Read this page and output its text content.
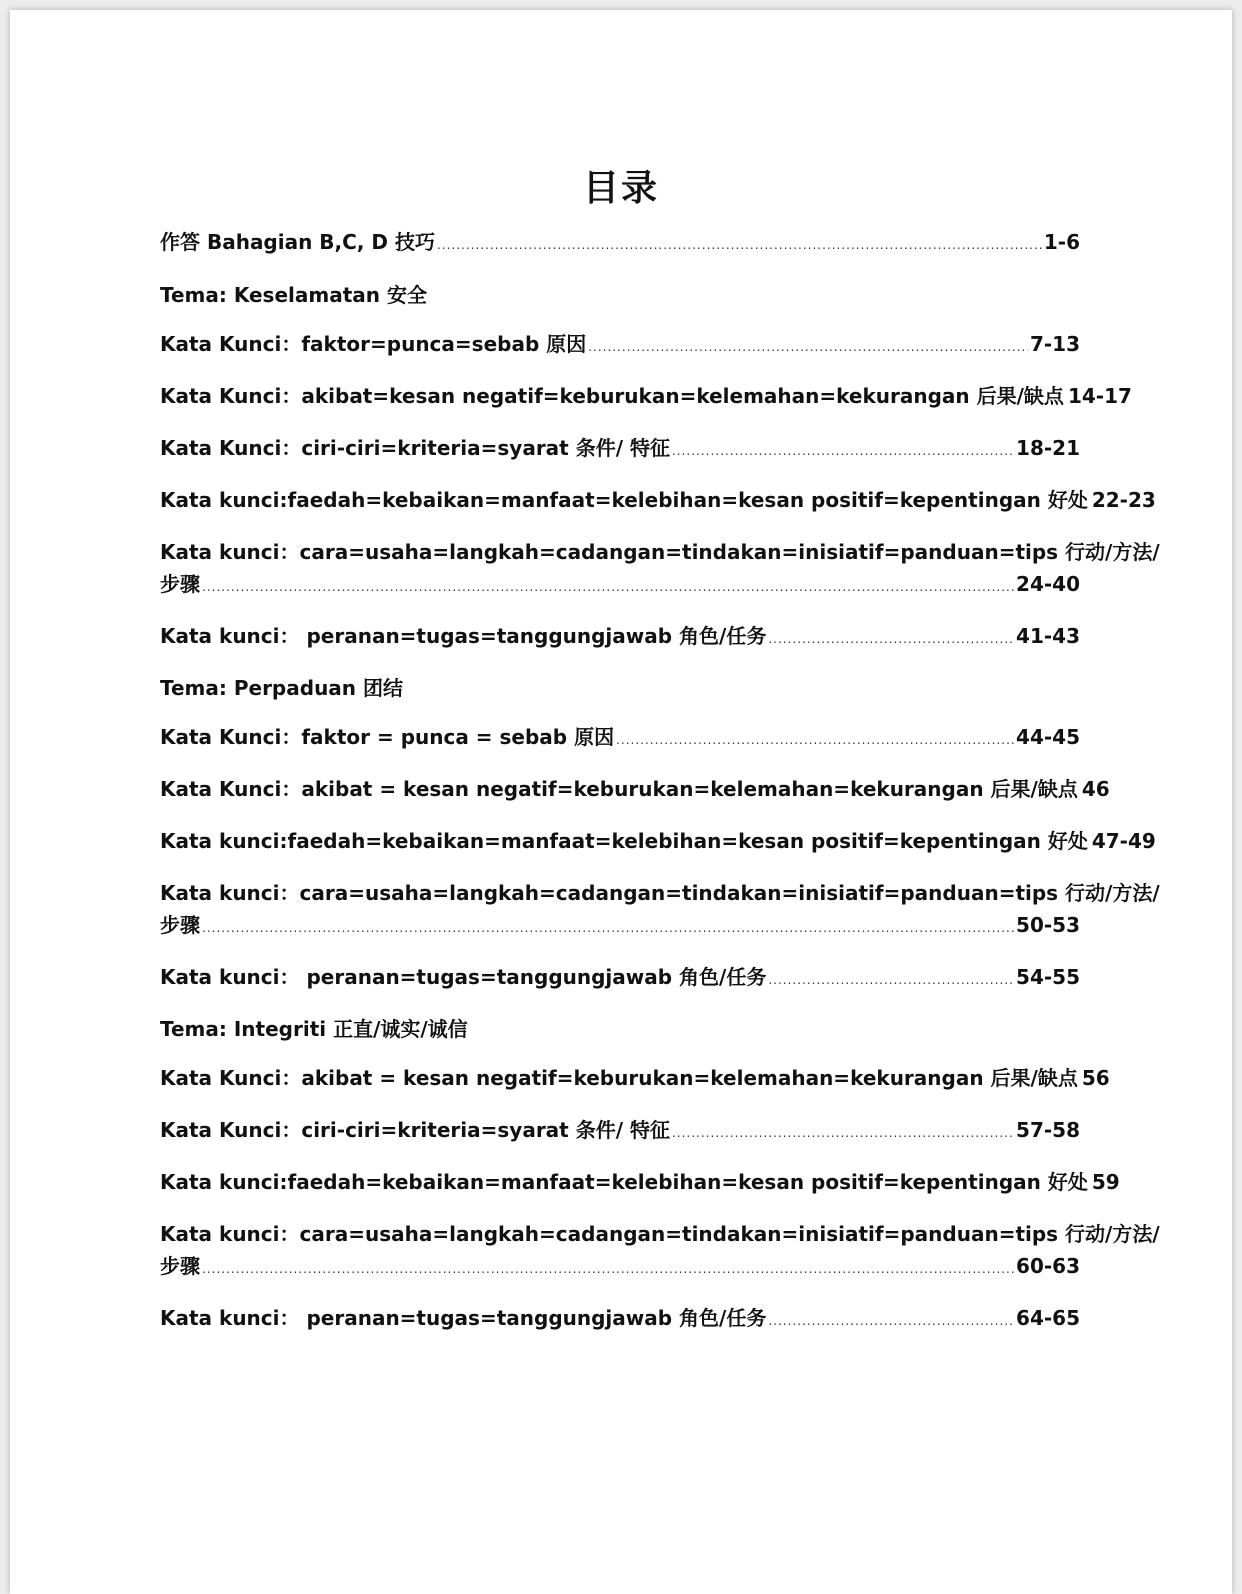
目录
作答 Bahagian B,C, D 技巧 .....	1-6
Tema: Keselamatan 安全
Kata Kunci：faktor=punca=sebab 原因 .....	7-13
Kata Kunci：akibat=kesan negatif=keburukan=kelemahan=kekurangan 后果/缺点 14-17
Kata Kunci：ciri-ciri=kriteria=syarat 条件/ 特征 .....	18-21
Kata kunci:faedah=kebaikan=manfaat=kelebihan=kesan positif=kepentingan 好处 22-23
Kata kunci：cara=usaha=langkah=cadangan=tindakan=inisiatif=panduan=tips 行动/方法/
步骤 .....	24-40
Kata kunci： peranan=tugas=tanggungjawab 角色/任务 .....	41-43
Tema: Perpaduan 团结
Kata Kunci：faktor = punca = sebab 原因 .....	44-45
Kata Kunci：akibat = kesan negatif=keburukan=kelemahan=kekurangan 后果/缺点 46
Kata kunci:faedah=kebaikan=manfaat=kelebihan=kesan positif=kepentingan 好处 47-49
Kata kunci：cara=usaha=langkah=cadangan=tindakan=inisiatif=panduan=tips 行动/方法/
步骤 .....	50-53
Kata kunci： peranan=tugas=tanggungjawab 角色/任务 .....	54-55
Tema: Integriti 正直/诚实/诚信
Kata Kunci：akibat = kesan negatif=keburukan=kelemahan=kekurangan 后果/缺点 56
Kata Kunci：ciri-ciri=kriteria=syarat 条件/ 特征 .....	57-58
Kata kunci:faedah=kebaikan=manfaat=kelebihan=kesan positif=kepentingan 好处 59
Kata kunci：cara=usaha=langkah=cadangan=tindakan=inisiatif=panduan=tips 行动/方法/
步骤 .....	60-63
Kata kunci： peranan=tugas=tanggungjawab 角色/任务 .....	64-65
